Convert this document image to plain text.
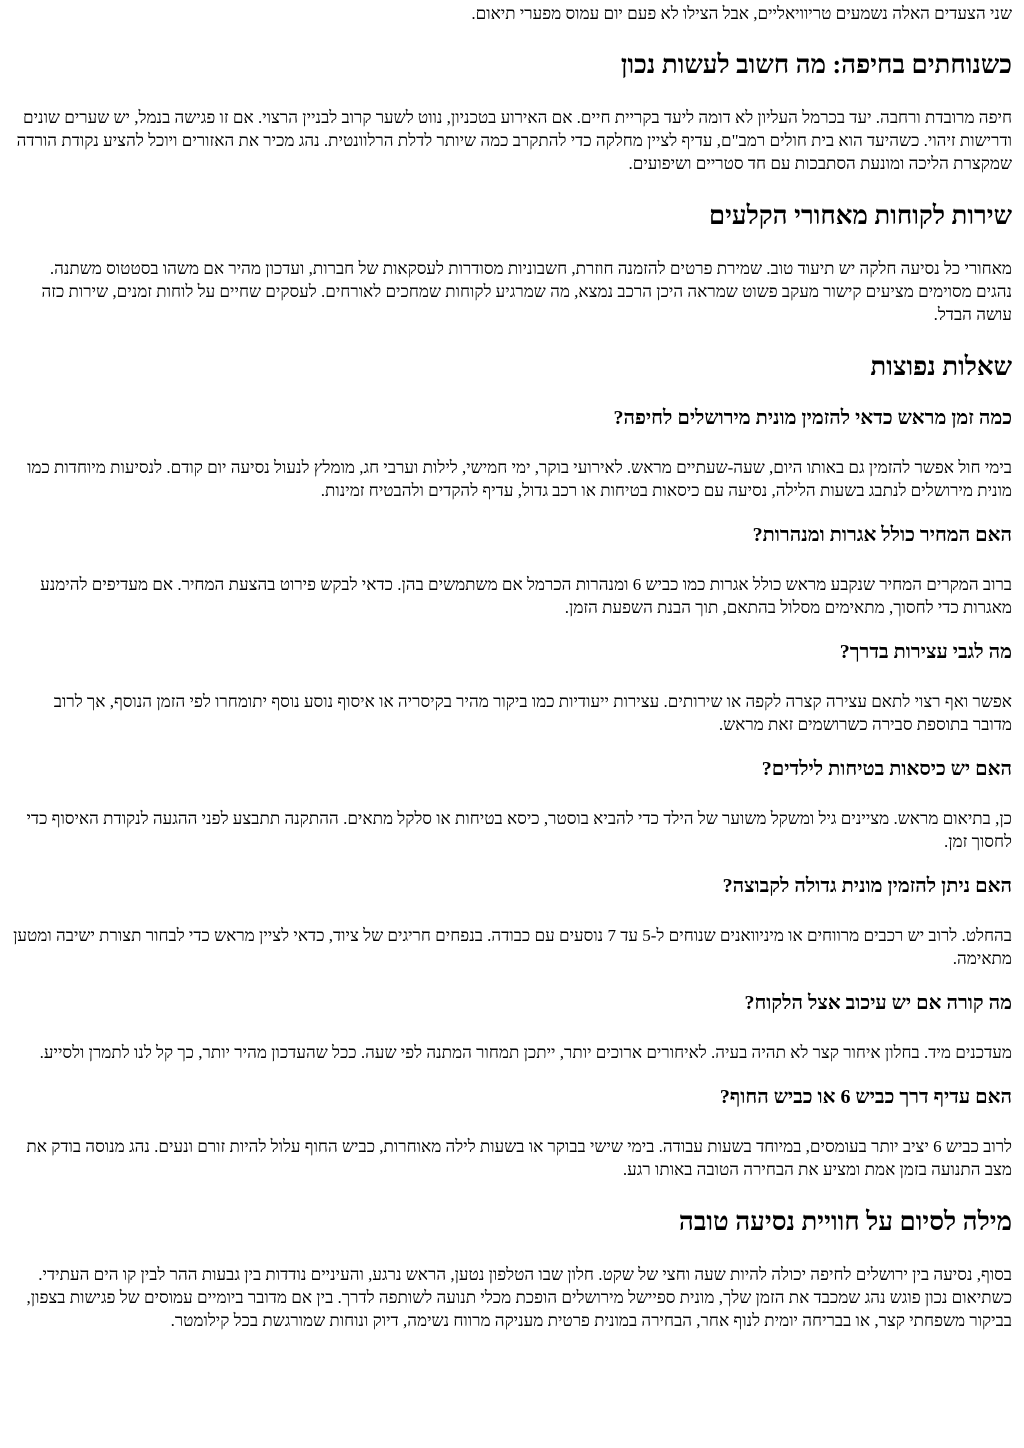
שני הצעדים האלה נשמעים טריוויאליים, אבל הצילו לא פעם יום עמוס מפערי תיאום.

כשנוחתים בחיפה: מה חשוב לעשות נכון

חיפה מרובדת ורחבה. יעד בכרמל העליון לא דומה ליעד בקריית חיים. אם האירוע בטכניון, נווט לשער קרוב לבניין הרצוי. אם זו פגישה בנמל, יש שערים שונים ודרישות זיהוי. כשהיעד הוא בית חולים רמב"ם, עדיף לציין מחלקה כדי להתקרב כמה שיותר לדלת הרלוונטית. נהג מכיר את האזורים ויוכל להציע נקודת הורדה שמקצרת הליכה ומונעת הסתבכות עם חד סטריים ושיפועים.

שירות לקוחות מאחורי הקלעים

מאחורי כל נסיעה חלקה יש תיעוד טוב. שמירת פרטים להזמנה חוזרת, חשבוניות מסודרות לעסקאות של חברות, ועדכון מהיר אם משהו בסטטוס משתנה. נהגים מסוימים מציעים קישור מעקב פשוט שמראה היכן הרכב נמצא, מה שמרגיע לקוחות שמחכים לאורחים. לעסקים שחיים על לוחות זמנים, שירות כזה עושה הבדל.

שאלות נפוצות
כמה זמן מראש כדאי להזמין מונית מירושלים לחיפה?

בימי חול אפשר להזמין גם באותו היום, שעה-שעתיים מראש. לאירועי בוקר, ימי חמישי, לילות וערבי חג, מומלץ לנעול נסיעה יום קודם. לנסיעות מיוחדות כמו מונית מירושלים לנתבג בשעות הלילה, נסיעה עם כיסאות בטיחות או רכב גדול, עדיף להקדים ולהבטיח זמינות.

האם המחיר כולל אגרות ומנהרות?

ברוב המקרים המחיר שנקבע מראש כולל אגרות כמו כביש 6 ומנהרות הכרמל אם משתמשים בהן. כדאי לבקש פירוט בהצעת המחיר. אם מעדיפים להימנע מאגרות כדי לחסוך, מתאימים מסלול בהתאם, תוך הבנת השפעת הזמן.

מה לגבי עצירות בדרך?

אפשר ואף רצוי לתאם עצירה קצרה לקפה או שירותים. עצירות ייעודיות כמו ביקור מהיר בקיסריה או איסוף נוסע נוסף יתומחרו לפי הזמן הנוסף, אך לרוב מדובר בתוספת סבירה כשרושמים זאת מראש.

האם יש כיסאות בטיחות לילדים?

כן, בתיאום מראש. מציינים גיל ומשקל משוער של הילד כדי להביא בוסטר, כיסא בטיחות או סלקל מתאים. ההתקנה תתבצע לפני ההגעה לנקודת האיסוף כדי לחסוך זמן.

האם ניתן להזמין מונית גדולה לקבוצה?

בהחלט. לרוב יש רכבים מרווחים או מיניוואנים שנוחים ל-5 עד 7 נוסעים עם כבודה. בנפחים חריגים של ציוד, כדאי לציין מראש כדי לבחור תצורת ישיבה ומטען מתאימה.

מה קורה אם יש עיכוב אצל הלקוח?

מעדכנים מיד. בחלון איחור קצר לא תהיה בעיה. לאיחורים ארוכים יותר, ייתכן תמחור המתנה לפי שעה. ככל שהעדכון מהיר יותר, כך קל לנו לתמרן ולסייע.

האם עדיף דרך כביש 6 או כביש החוף?

לרוב כביש 6 יציב יותר בעומסים, במיוחד בשעות עבודה. בימי שישי בבוקר או בשעות לילה מאוחרות, כביש החוף עלול להיות זורם ונעים. נהג מנוסה בודק את מצב התנועה בזמן אמת ומציע את הבחירה הטובה באותו רגע.

מילה לסיום על חוויית נסיעה טובה

בסוף, נסיעה בין ירושלים לחיפה יכולה להיות שעה וחצי של שקט. חלון שבו הטלפון נטען, הראש נרגע, והעיניים נודדות בין גבעות ההר לבין קו הים העתידי. כשתיאום נכון פוגש נהג שמכבד את הזמן שלך, מונית ספיישל מירושלים הופכת מכלי תנועה לשותפה לדרך. בין אם מדובר ביומיים עמוסים של פגישות בצפון, בביקור משפחתי קצר, או בבריחה יומית לנוף אחר, הבחירה במונית פרטית מעניקה מרווח נשימה, דיוק ונוחות שמורגשת בכל קילומטר.
